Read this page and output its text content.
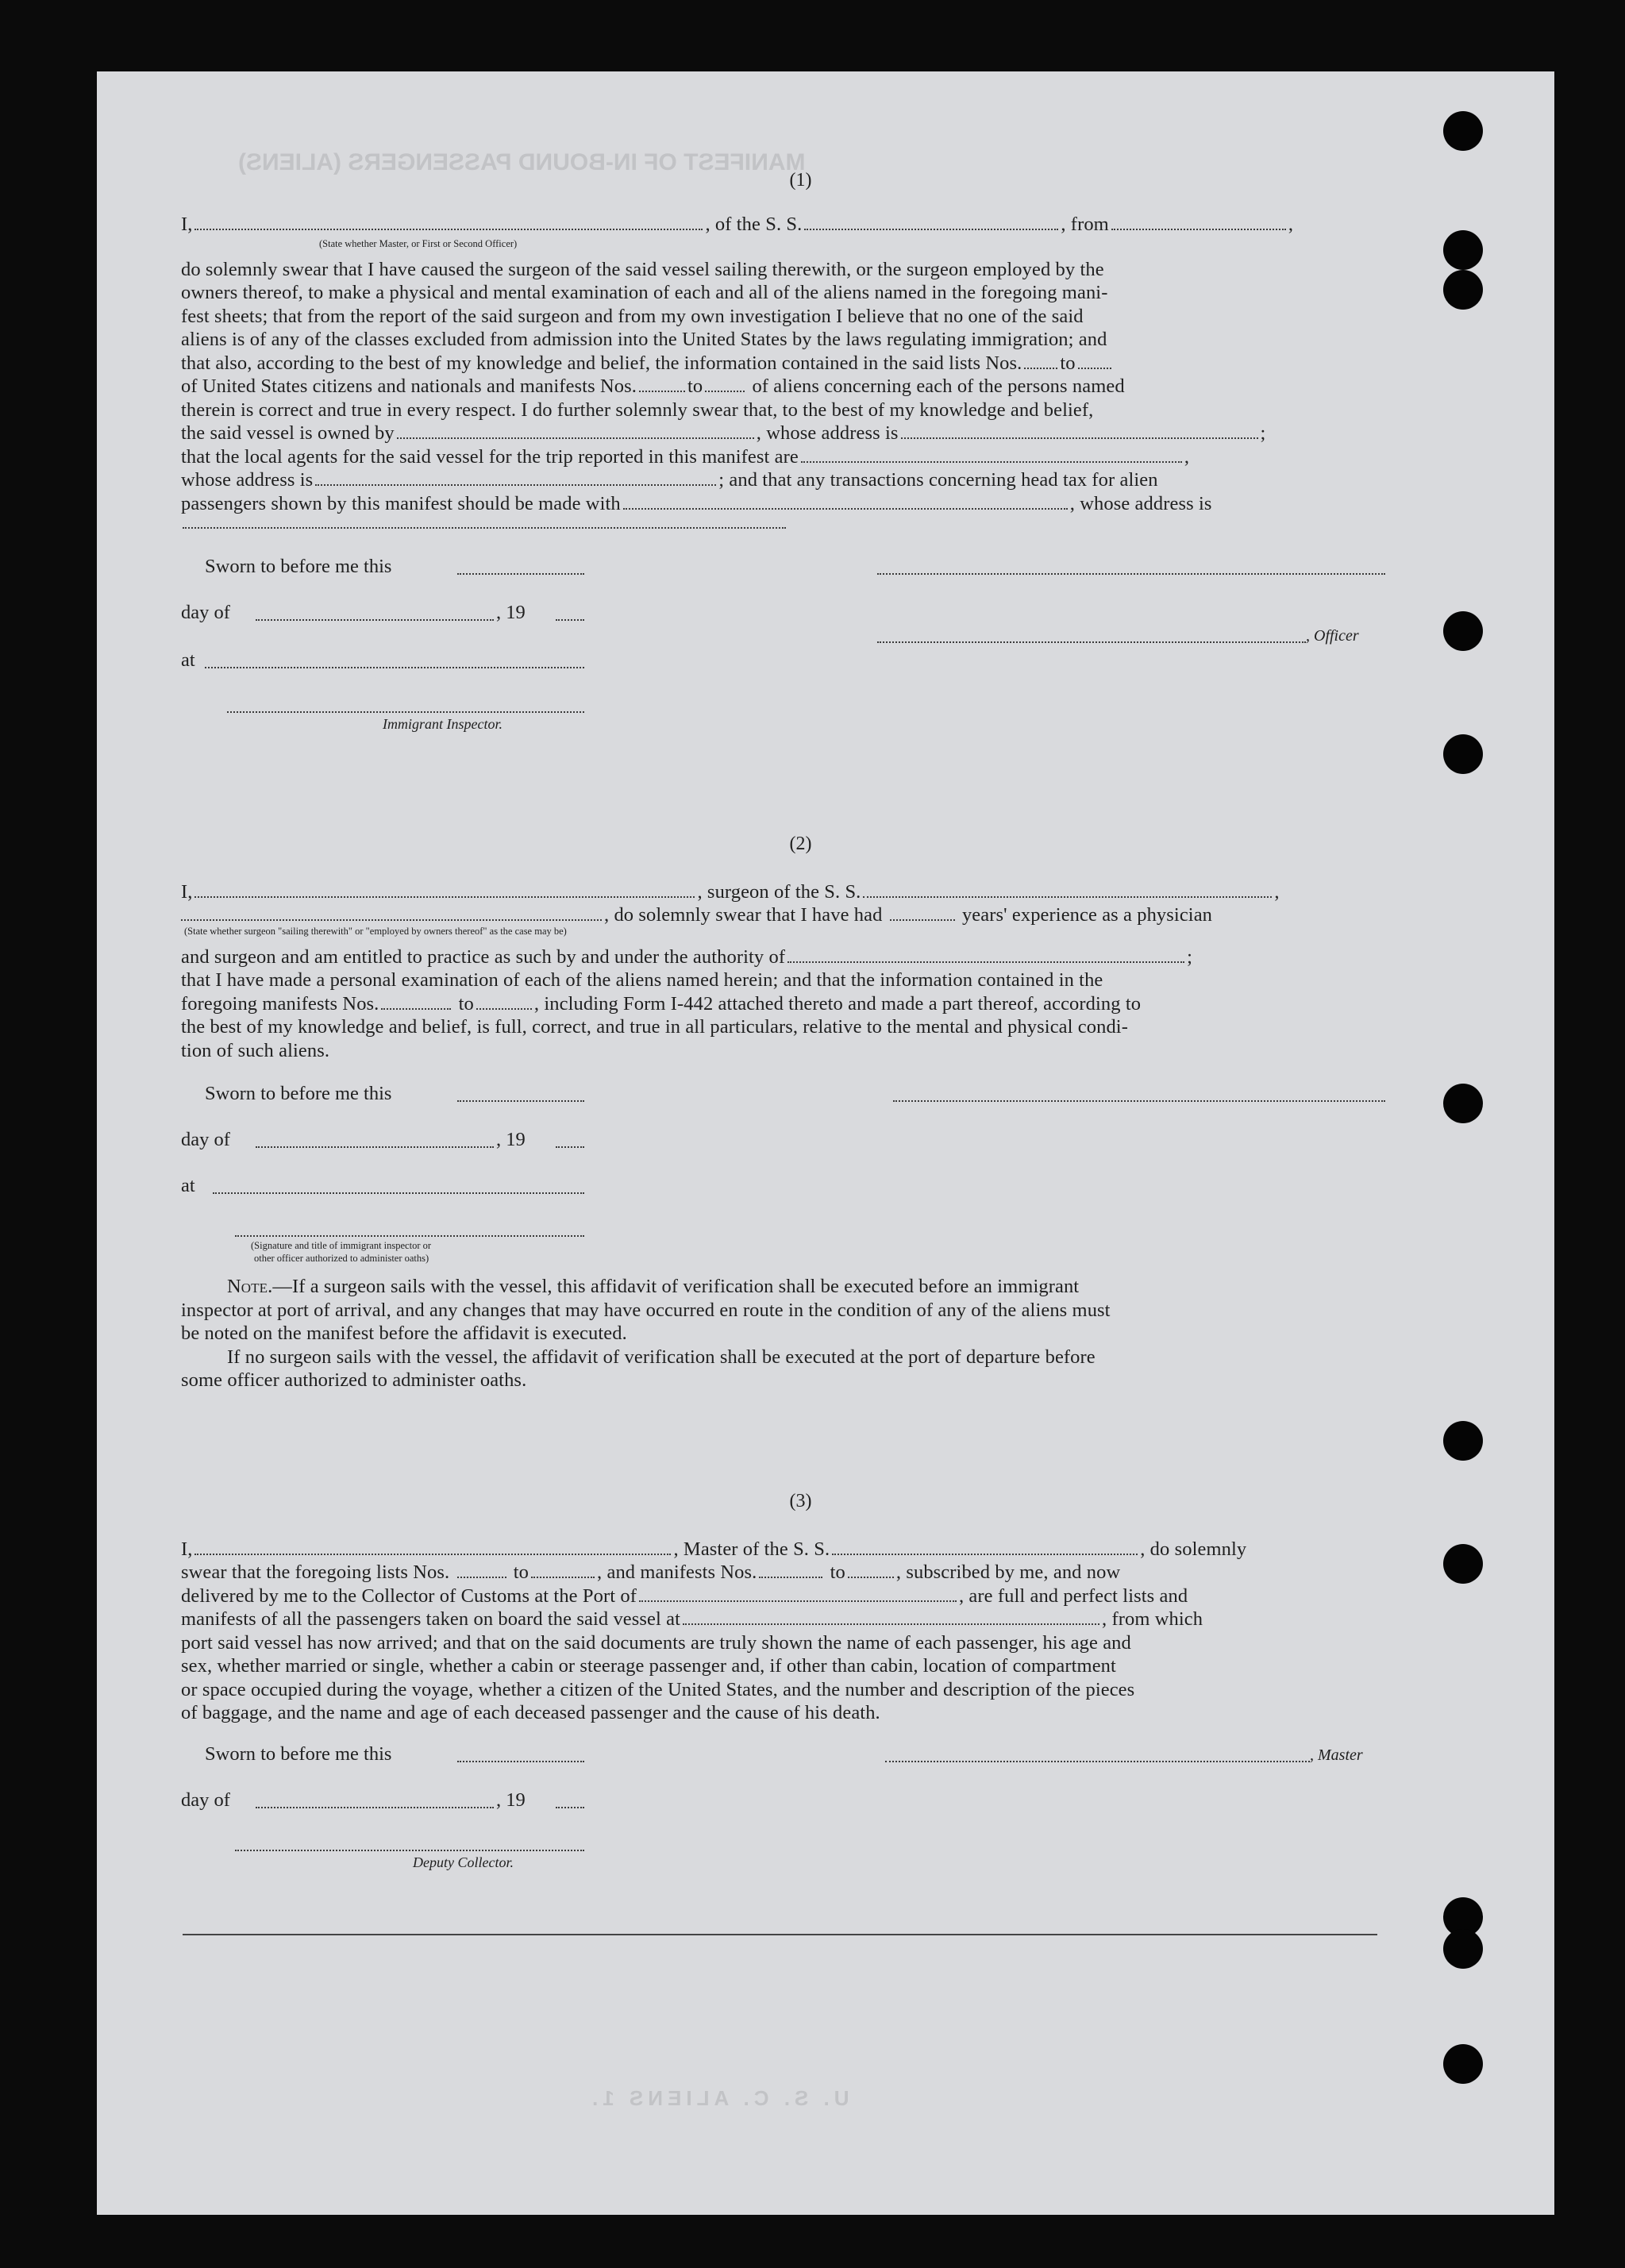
MANIFEST OF IN-BOUND PASSENGERS (ALIENS)
U. S. C. ALIENS 1.
(1)
I,	, of the S. S.	, from	,
(State whether Master, or First or Second Officer)
do solemnly swear that I have caused the surgeon of the said vessel sailing therewith, or the surgeon employed by the
owners thereof, to make a physical and mental examination of each and all of the aliens named in the foregoing mani-
fest sheets; that from the report of the said surgeon and from my own investigation I believe that no one of the said
aliens is of any of the classes excluded from admission into the United States by the laws regulating immigration; and
that also, according to the best of my knowledge and belief, the information contained in the said lists Nos. to
of United States citizens and nationals and manifests Nos.	to	of aliens concerning each of the persons named
therein is correct and true in every respect. I do further solemnly swear that, to the best of my knowledge and belief,
the said vessel is owned by	, whose address is	;
that the local agents for the said vessel for the trip reported in this manifest are	,
whose address is	; and that any transactions concerning head tax for alien
passengers shown by this manifest should be made with	, whose address is
Sworn to before me this
day of	, 19
, Officer
at
Immigrant Inspector.
(2)
I,	, surgeon of the S. S.	,
, do solemnly swear that I have had	years' experience as a physician
(State whether surgeon "sailing therewith" or "employed by owners thereof" as the case may be)
and surgeon and am entitled to practice as such by and under the authority of	;
that I have made a personal examination of each of the aliens named herein; and that the information contained in the
foregoing manifests Nos.	to	, including Form I-442 attached thereto and made a part thereof, according to
the best of my knowledge and belief, is full, correct, and true in all particulars, relative to the mental and physical condi-
tion of such aliens.
Sworn to before me this
day of	, 19
at
(Signature and title of immigrant inspector or
other officer authorized to administer oaths)
Note.—If a surgeon sails with the vessel, this affidavit of verification shall be executed before an immigrant
inspector at port of arrival, and any changes that may have occurred en route in the condition of any of the aliens must
be noted on the manifest before the affidavit is executed.
If no surgeon sails with the vessel, the affidavit of verification shall be executed at the port of departure before
some officer authorized to administer oaths.
(3)
I,	, Master of the S. S.	, do solemnly
swear that the foregoing lists Nos.	to	, and manifests Nos.	to	, subscribed by me, and now
delivered by me to the Collector of Customs at the Port of	, are full and perfect lists and
manifests of all the passengers taken on board the said vessel at	, from which
port said vessel has now arrived; and that on the said documents are truly shown the name of each passenger, his age and
sex, whether married or single, whether a cabin or steerage passenger and, if other than cabin, location of compartment
or space occupied during the voyage, whether a citizen of the United States, and the number and description of the pieces
of baggage, and the name and age of each deceased passenger and the cause of his death.
Sworn to before me this	, Master
day of	, 19
Deputy Collector.
